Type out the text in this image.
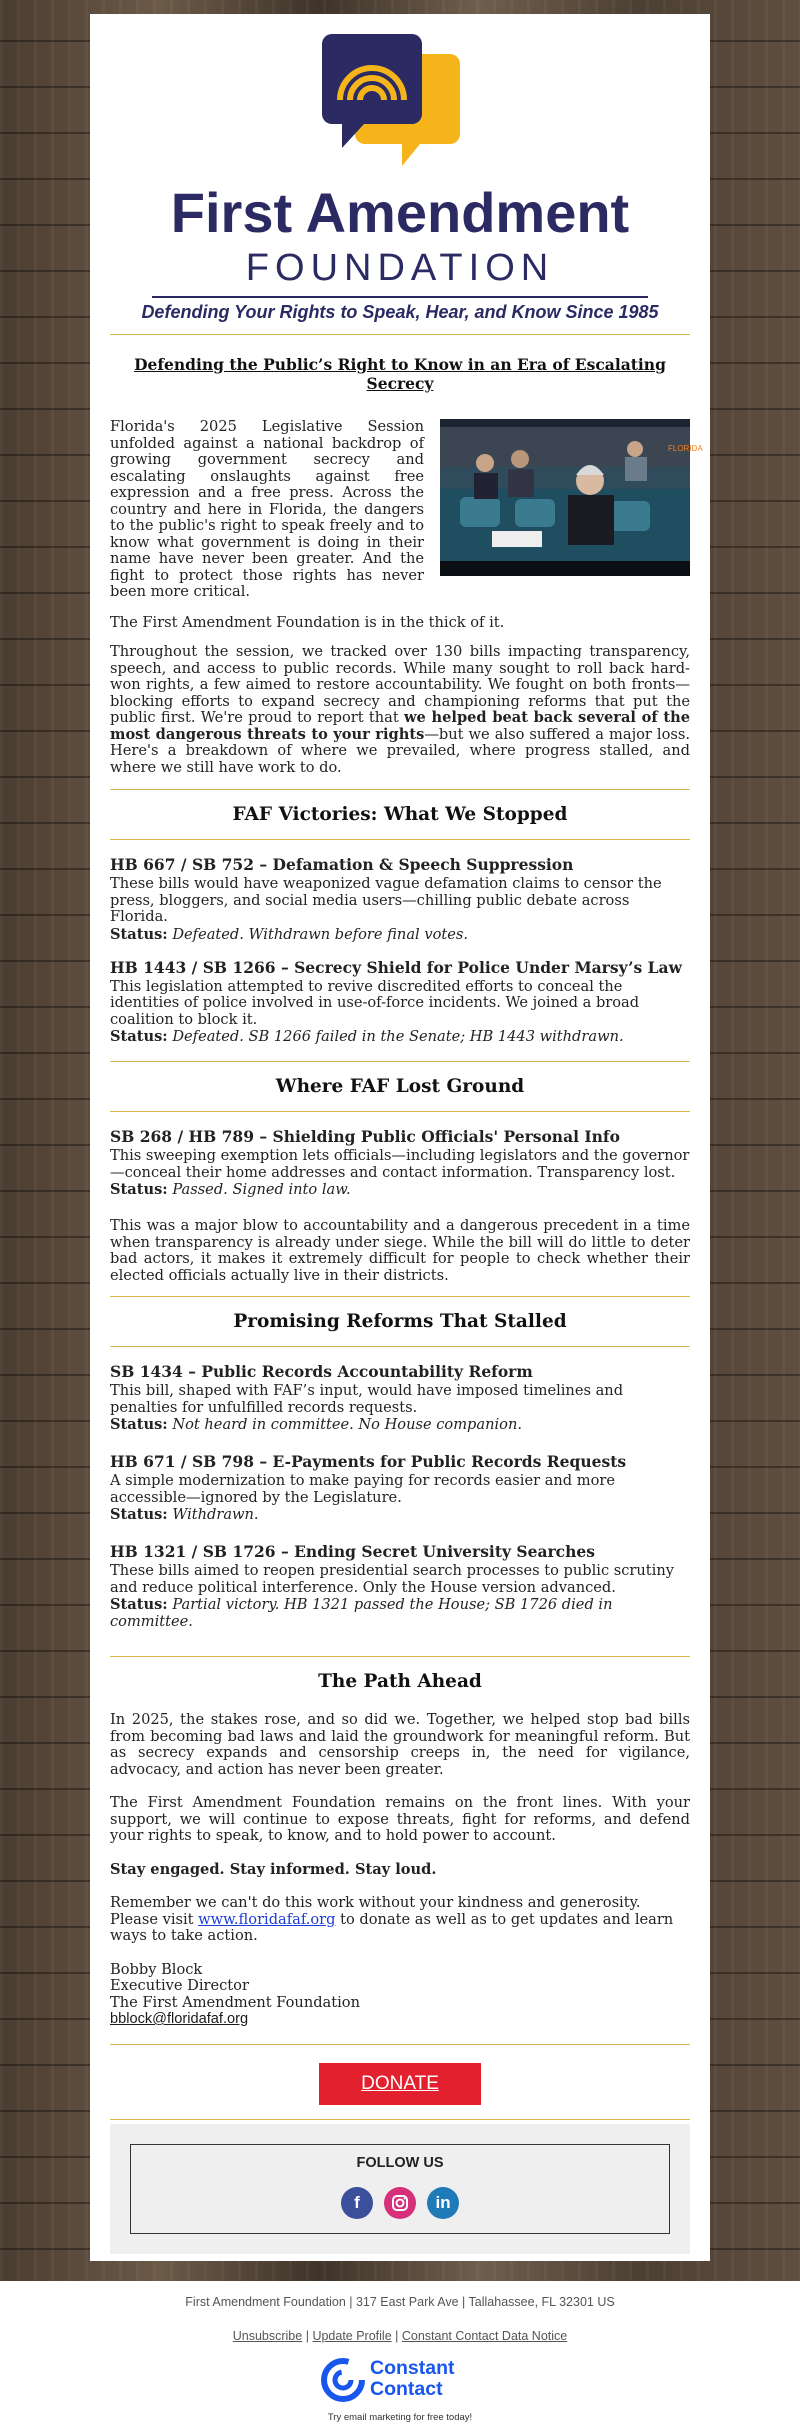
First Amendment
FOUNDATION
Defending Your Rights to Speak, Hear, and Know Since 1985
Defending the Public’s Right to Know in an Era of Escalating Secrecy
FLORIDA

Florida's 2025 Legislative Session unfolded against a national backdrop of growing government secrecy and escalating onslaughts against free expression and a free press. Across the country and here in Florida, the dangers to the public's right to speak freely and to know what government is doing in their name have never been greater. And the fight to protect those rights has never been more critical.

The First Amendment Foundation is in the thick of it.

Throughout the session, we tracked over 130 bills impacting transparency, speech, and access to public records. While many sought to roll back hard-won rights, a few aimed to restore accountability. We fought on both fronts—blocking efforts to expand secrecy and championing reforms that put the public first. We're proud to report that we helped beat back several of the most dangerous threats to your rights—but we also suffered a major loss. Here's a breakdown of where we prevailed, where progress stalled, and where we still have work to do.

FAF Victories: What We Stopped
HB 667 / SB 752 – Defamation & Speech Suppression

These bills would have weaponized vague defamation claims to censor the press, bloggers, and social media users—chilling public debate across Florida.

Status: Defeated. Withdrawn before final votes.

HB 1443 / SB 1266 – Secrecy Shield for Police Under Marsy’s Law

This legislation attempted to revive discredited efforts to conceal the identities of police involved in use-of-force incidents. We joined a broad coalition to block it.

Status: Defeated. SB 1266 failed in the Senate; HB 1443 withdrawn.

Where FAF Lost Ground
SB 268 / HB 789 – Shielding Public Officials' Personal Info

This sweeping exemption lets officials—including legislators and the governor—conceal their home addresses and contact information. Transparency lost.

Status: Passed. Signed into law.

This was a major blow to accountability and a dangerous precedent in a time when transparency is already under siege. While the bill will do little to deter bad actors, it makes it extremely difficult for people to check whether their elected officials actually live in their districts.

Promising Reforms That Stalled
SB 1434 – Public Records Accountability Reform

This bill, shaped with FAF’s input, would have imposed timelines and penalties for unfulfilled records requests.

Status: Not heard in committee. No House companion.

HB 671 / SB 798 – E-Payments for Public Records Requests

A simple modernization to make paying for records easier and more accessible—ignored by the Legislature.

Status: Withdrawn.

HB 1321 / SB 1726 – Ending Secret University Searches

These bills aimed to reopen presidential search processes to public scrutiny and reduce political interference. Only the House version advanced.

Status: Partial victory. HB 1321 passed the House; SB 1726 died in committee.

The Path Ahead

In 2025, the stakes rose, and so did we. Together, we helped stop bad bills from becoming bad laws and laid the groundwork for meaningful reform. But as secrecy expands and censorship creeps in, the need for vigilance, advocacy, and action has never been greater.

The First Amendment Foundation remains on the front lines. With your support, we will continue to expose threats, fight for reforms, and defend your rights to speak, to know, and to hold power to account.

Stay engaged. Stay informed. Stay loud.

Remember we can't do this work without your kindness and generosity. Please visit www.floridafaf.org to donate as well as to get updates and learn ways to take action.

Bobby Block

Executive Director

The First Amendment Foundation

bblock@floridafaf.org

DONATE
FOLLOW US
f	in
First Amendment Foundation | 317 East Park Ave | Tallahassee, FL 32301 US
Unsubscribe | Update Profile | Constant Contact Data Notice
Constant
Contact
Try email marketing for free today!
